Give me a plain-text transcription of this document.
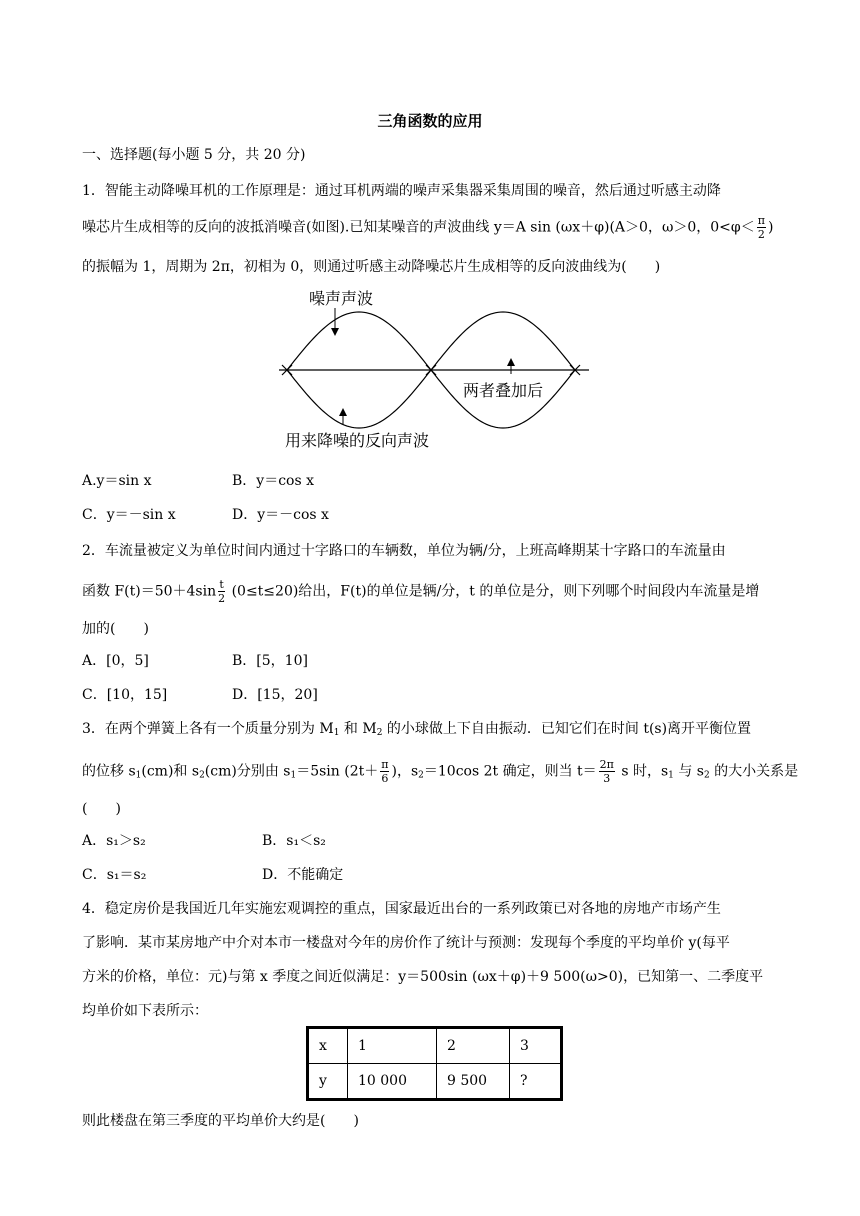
三角函数的应用
一、选择题(每小题 5 分，共 20 分)
1．智能主动降噪耳机的工作原理是：通过耳机两端的噪声采集器采集周围的噪音，然后通过听感主动降
噪芯片生成相等的反向的波抵消噪音(如图).已知某噪音的声波曲线 y＝A sin (ωx＋φ)(A＞0，ω＞0，$0<\varphi< \frac{\pi}{2}$ )
的振幅为 1，周期为 2π，初相为 0，则通过听感主动降噪芯片生成相等的反向波曲线为(　　)
噪声声波
两者叠加后
用来降噪的反向声波
A.y＝sin x	B．y＝cos x
C．y＝－sin x	D．y＝－cos x
2．车流量被定义为单位时间内通过十字路口的车辆数，单位为辆/分，上班高峰期某十字路口的车流量由
函数 $F(t)=50+4\sin \frac{t}{2} (0\le t\le 20)$给出，F(t)的单位是辆/分，t 的单位是分，则下列哪个时间段内车流量是增
加的(　　)
A．[0，5]	B．[5，10]
C．[10，15]	D．[15，20]
3．在两个弹簧上各有一个质量分别为 $M_1$ 和 $M_2$ 的小球做上下自由振动．已知它们在时间 t(s)离开平衡位置
的位移 $s_1(cm)$和 $s_2(cm)$分别由 $s_1=5\sin$ ($2t+ \frac{\pi}{6}$ )，$s_2=10\cos$ 2t 确定，则当 $t= \frac{2\pi}{3}$ s 时，$s_1$ 与 $s_2$ 的大小关系是
(　　)
A．s₁＞s₂	B．s₁＜s₂
C．s₁＝s₂	D．不能确定
4．稳定房价是我国近几年实施宏观调控的重点，国家最近出台的一系列政策已对各地的房地产市场产生
了影响．某市某房地产中介对本市一楼盘对今年的房价作了统计与预测：发现每个季度的平均单价 y(每平
方米的价格，单位：元)与第 x 季度之间近似满足：y＝500sin (ωx＋φ)＋9 500(ω>0)，已知第一、二季度平
均单价如下表所示：
x	1	2	3
y	10 000	9 500	?
则此楼盘在第三季度的平均单价大约是(　　)
